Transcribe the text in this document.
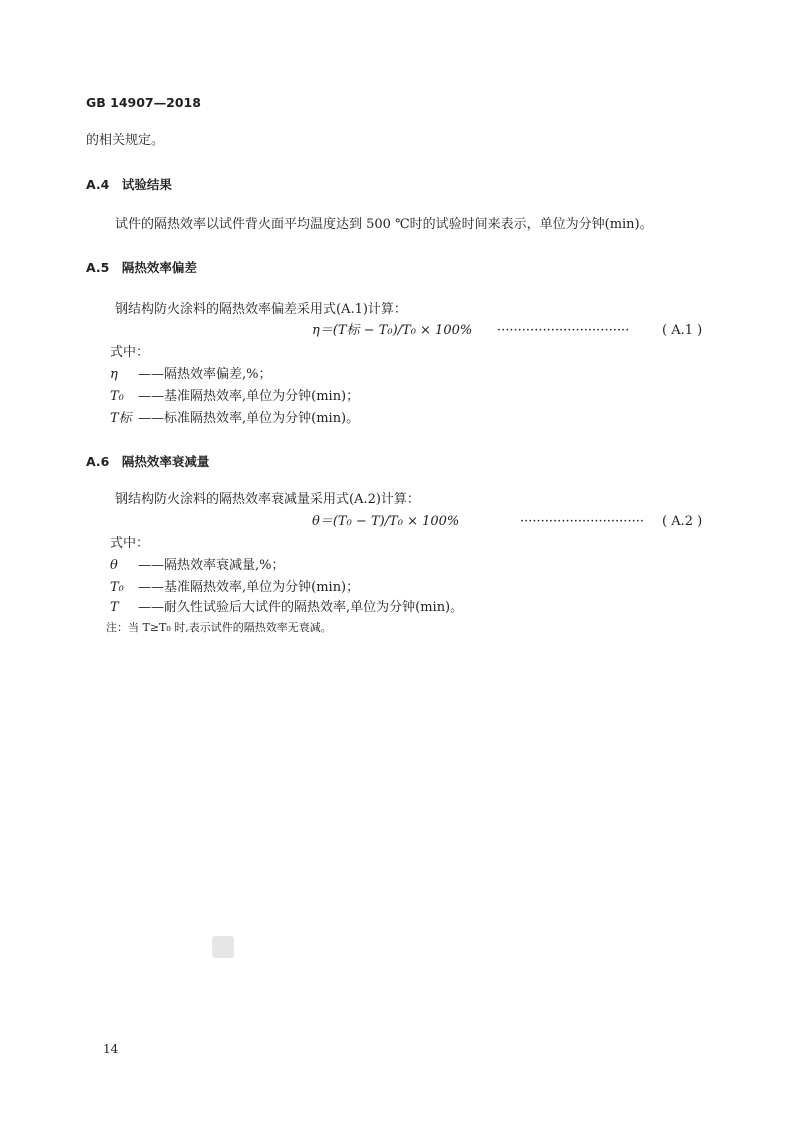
GB 14907—2018
的相关规定。
A.4　试验结果
试件的隔热效率以试件背火面平均温度达到 500 ℃时的试验时间来表示，单位为分钟(min)。
A.5　隔热效率偏差
钢结构防火涂料的隔热效率偏差采用式(A.1)计算：
η＝(T标 − T₀)/T₀ × 100% ································	( A.1 )
式中：
η ——隔热效率偏差,%；
T₀ ——基准隔热效率,单位为分钟(min)；
T标 ——标准隔热效率,单位为分钟(min)。
A.6　隔热效率衰减量
钢结构防火涂料的隔热效率衰减量采用式(A.2)计算：
θ＝(T₀ − T)/T₀ × 100%	······························ ( A.2 )
式中：
θ ——隔热效率衰减量,%；
T₀ ——基准隔热效率,单位为分钟(min)；
T ——耐久性试验后大试件的隔热效率,单位为分钟(min)。
注：当 T≥T₀ 时,表示试件的隔热效率无衰减。
14
